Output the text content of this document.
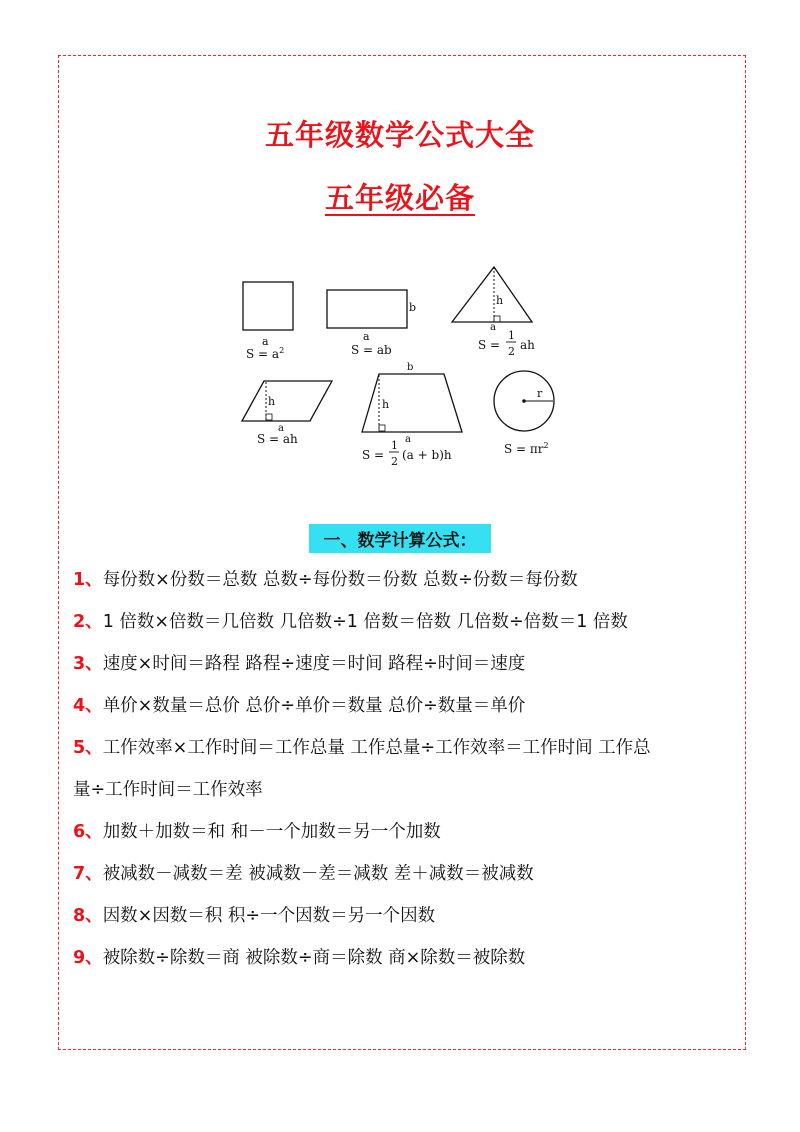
五年级数学公式大全
五年级必备
a
$S = a^2$
b
a
S = ab
h
a
S =
1
2 ah
h
a
S = ah
b
h
a
S =
1
2 (a + b)h
r
$S = \pi r^2$
一、数学计算公式：
1、每份数×份数＝总数 总数÷每份数＝份数 总数÷份数＝每份数
2、1 倍数×倍数＝几倍数 几倍数÷1 倍数＝倍数 几倍数÷倍数＝1 倍数
3、速度×时间＝路程 路程÷速度＝时间 路程÷时间＝速度
4、单价×数量＝总价 总价÷单价＝数量 总价÷数量＝单价
5、工作效率×工作时间＝工作总量 工作总量÷工作效率＝工作时间 工作总
量÷工作时间＝工作效率
6、加数＋加数＝和 和－一个加数＝另一个加数
7、被减数－减数＝差 被减数－差＝减数 差＋减数＝被减数
8、因数×因数＝积 积÷一个因数＝另一个因数
9、被除数÷除数＝商 被除数÷商＝除数 商×除数＝被除数
